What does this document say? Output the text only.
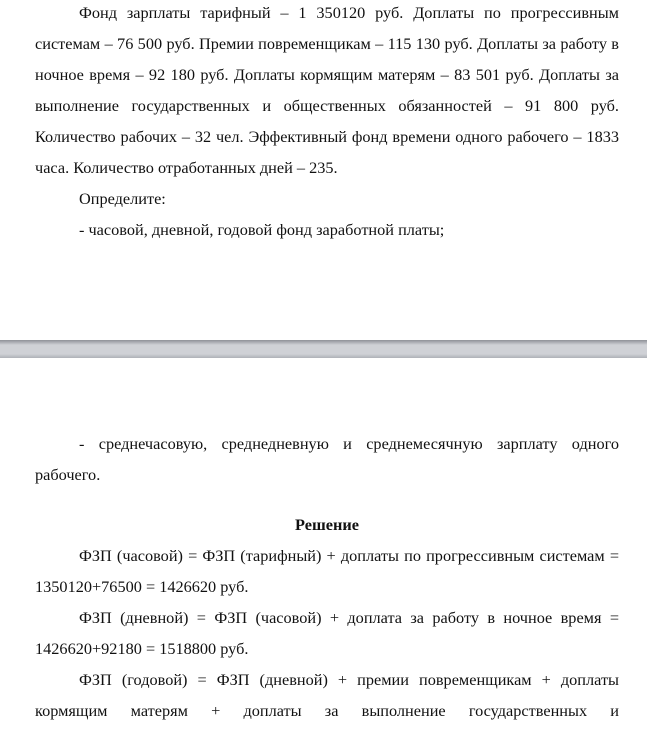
Фонд зарплаты тарифный – 1 350120 руб. Доплаты по прогрессивным системам – 76 500 руб. Премии повременщикам – 115 130 руб. Доплаты за работу в ночное время – 92 180 руб. Доплаты кормящим матерям – 83 501 руб. Доплаты за выполнение государственных и общественных обязанностей – 91 800 руб. Количество рабочих – 32 чел. Эффективный фонд времени одного рабочего – 1833 часа. Количество отработанных дней – 235.

Определите:

- часовой, дневной, годовой фонд заработной платы;

- среднечасовую, среднедневную и среднемесячную зарплату одного рабочего.

Решение

ФЗП (часовой) = ФЗП (тарифный) + доплаты по прогрессивным системам = 1350120+76500 = 1426620 руб.

ФЗП (дневной) = ФЗП (часовой) + доплата за работу в ночное время = 1426620+92180 = 1518800 руб.

ФЗП (годовой) = ФЗП (дневной) + премии повременщикам + доплаты кормящим матерям + доплаты за выполнение государственных и
